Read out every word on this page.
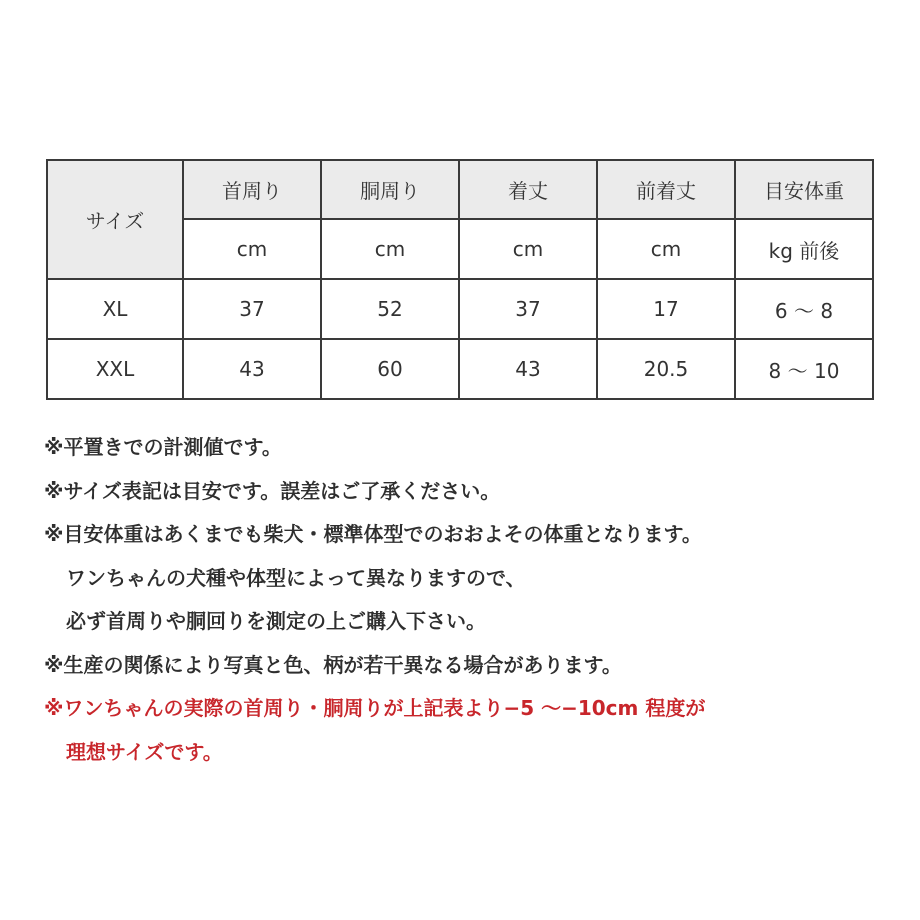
サイズ	首周り	胴周り	着丈	前着丈	目安体重
	cm	cm	cm	cm	kg 前後
XL	37	52	37	17	6 〜 8
XXL	43	60	43	20.5	8 〜 10
※平置きでの計測値です。
※サイズ表記は目安です。誤差はご了承ください。
※目安体重はあくまでも柴犬・標準体型でのおおよその体重となります。
ワンちゃんの犬種や体型によって異なりますので、
必ず首周りや胴回りを測定の上ご購入下さい。
※生産の関係により写真と色、柄が若干異なる場合があります。
※ワンちゃんの実際の首周り・胴周りが上記表より−5 〜−10cm 程度が
理想サイズです。
